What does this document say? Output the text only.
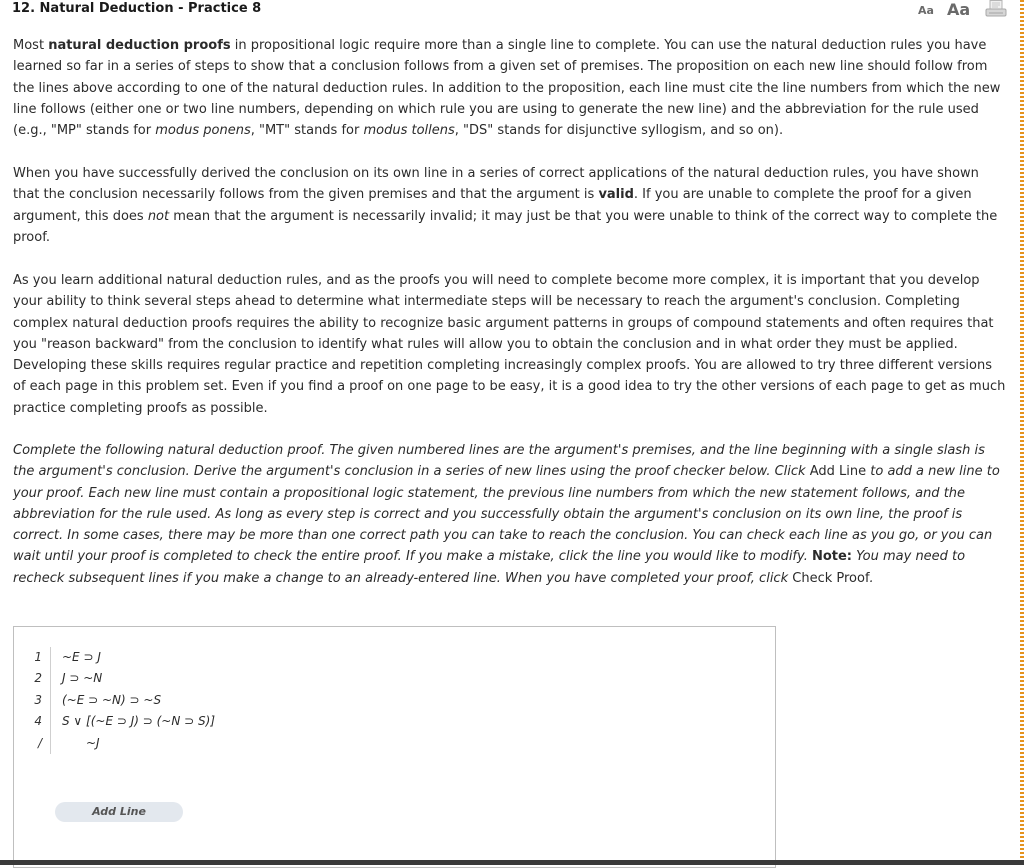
12. Natural Deduction - Practice 8	Aa Aa

Most natural deduction proofs in propositional logic require more than a single line to complete. You can use the natural deduction rules you have learned so far in a series of steps to show that a conclusion follows from a given set of premises. The proposition on each new line should follow from the lines above according to one of the natural deduction rules. In addition to the proposition, each line must cite the line numbers from which the new line follows (either one or two line numbers, depending on which rule you are using to generate the new line) and the abbreviation for the rule used (e.g., "MP" stands for modus ponens, "MT" stands for modus tollens, "DS" stands for disjunctive syllogism, and so on).

When you have successfully derived the conclusion on its own line in a series of correct applications of the natural deduction rules, you have shown that the conclusion necessarily follows from the given premises and that the argument is valid. If you are unable to complete the proof for a given argument, this does not mean that the argument is necessarily invalid; it may just be that you were unable to think of the correct way to complete the proof.

As you learn additional natural deduction rules, and as the proofs you will need to complete become more complex, it is important that you develop your ability to think several steps ahead to determine what intermediate steps will be necessary to reach the argument's conclusion. Completing complex natural deduction proofs requires the ability to recognize basic argument patterns in groups of compound statements and often requires that you "reason backward" from the conclusion to identify what rules will allow you to obtain the conclusion and in what order they must be applied. Developing these skills requires regular practice and repetition completing increasingly complex proofs. You are allowed to try three different versions of each page in this problem set. Even if you find a proof on one page to be easy, it is a good idea to try the other versions of each page to get as much practice completing proofs as possible.

Complete the following natural deduction proof. The given numbered lines are the argument's premises, and the line beginning with a single slash is the argument's conclusion. Derive the argument's conclusion in a series of new lines using the proof checker below. Click Add Line to add a new line to your proof. Each new line must contain a propositional logic statement, the previous line numbers from which the new statement follows, and the abbreviation for the rule used. As long as every step is correct and you successfully obtain the argument's conclusion on its own line, the proof is correct. In some cases, there may be more than one correct path you can take to reach the conclusion. You can check each line as you go, or you can wait until your proof is completed to check the entire proof. If you make a mistake, click the line you would like to modify. Note: You may need to recheck subsequent lines if you make a change to an already-entered line. When you have completed your proof, click Check Proof.

1 ~E ⊃ J
2 J ⊃ ~N
3 (~E ⊃ ~N) ⊃ ~S
4 S ∨ [(~E ⊃ J) ⊃ (~N ⊃ S)]
/	~J
Add Line
